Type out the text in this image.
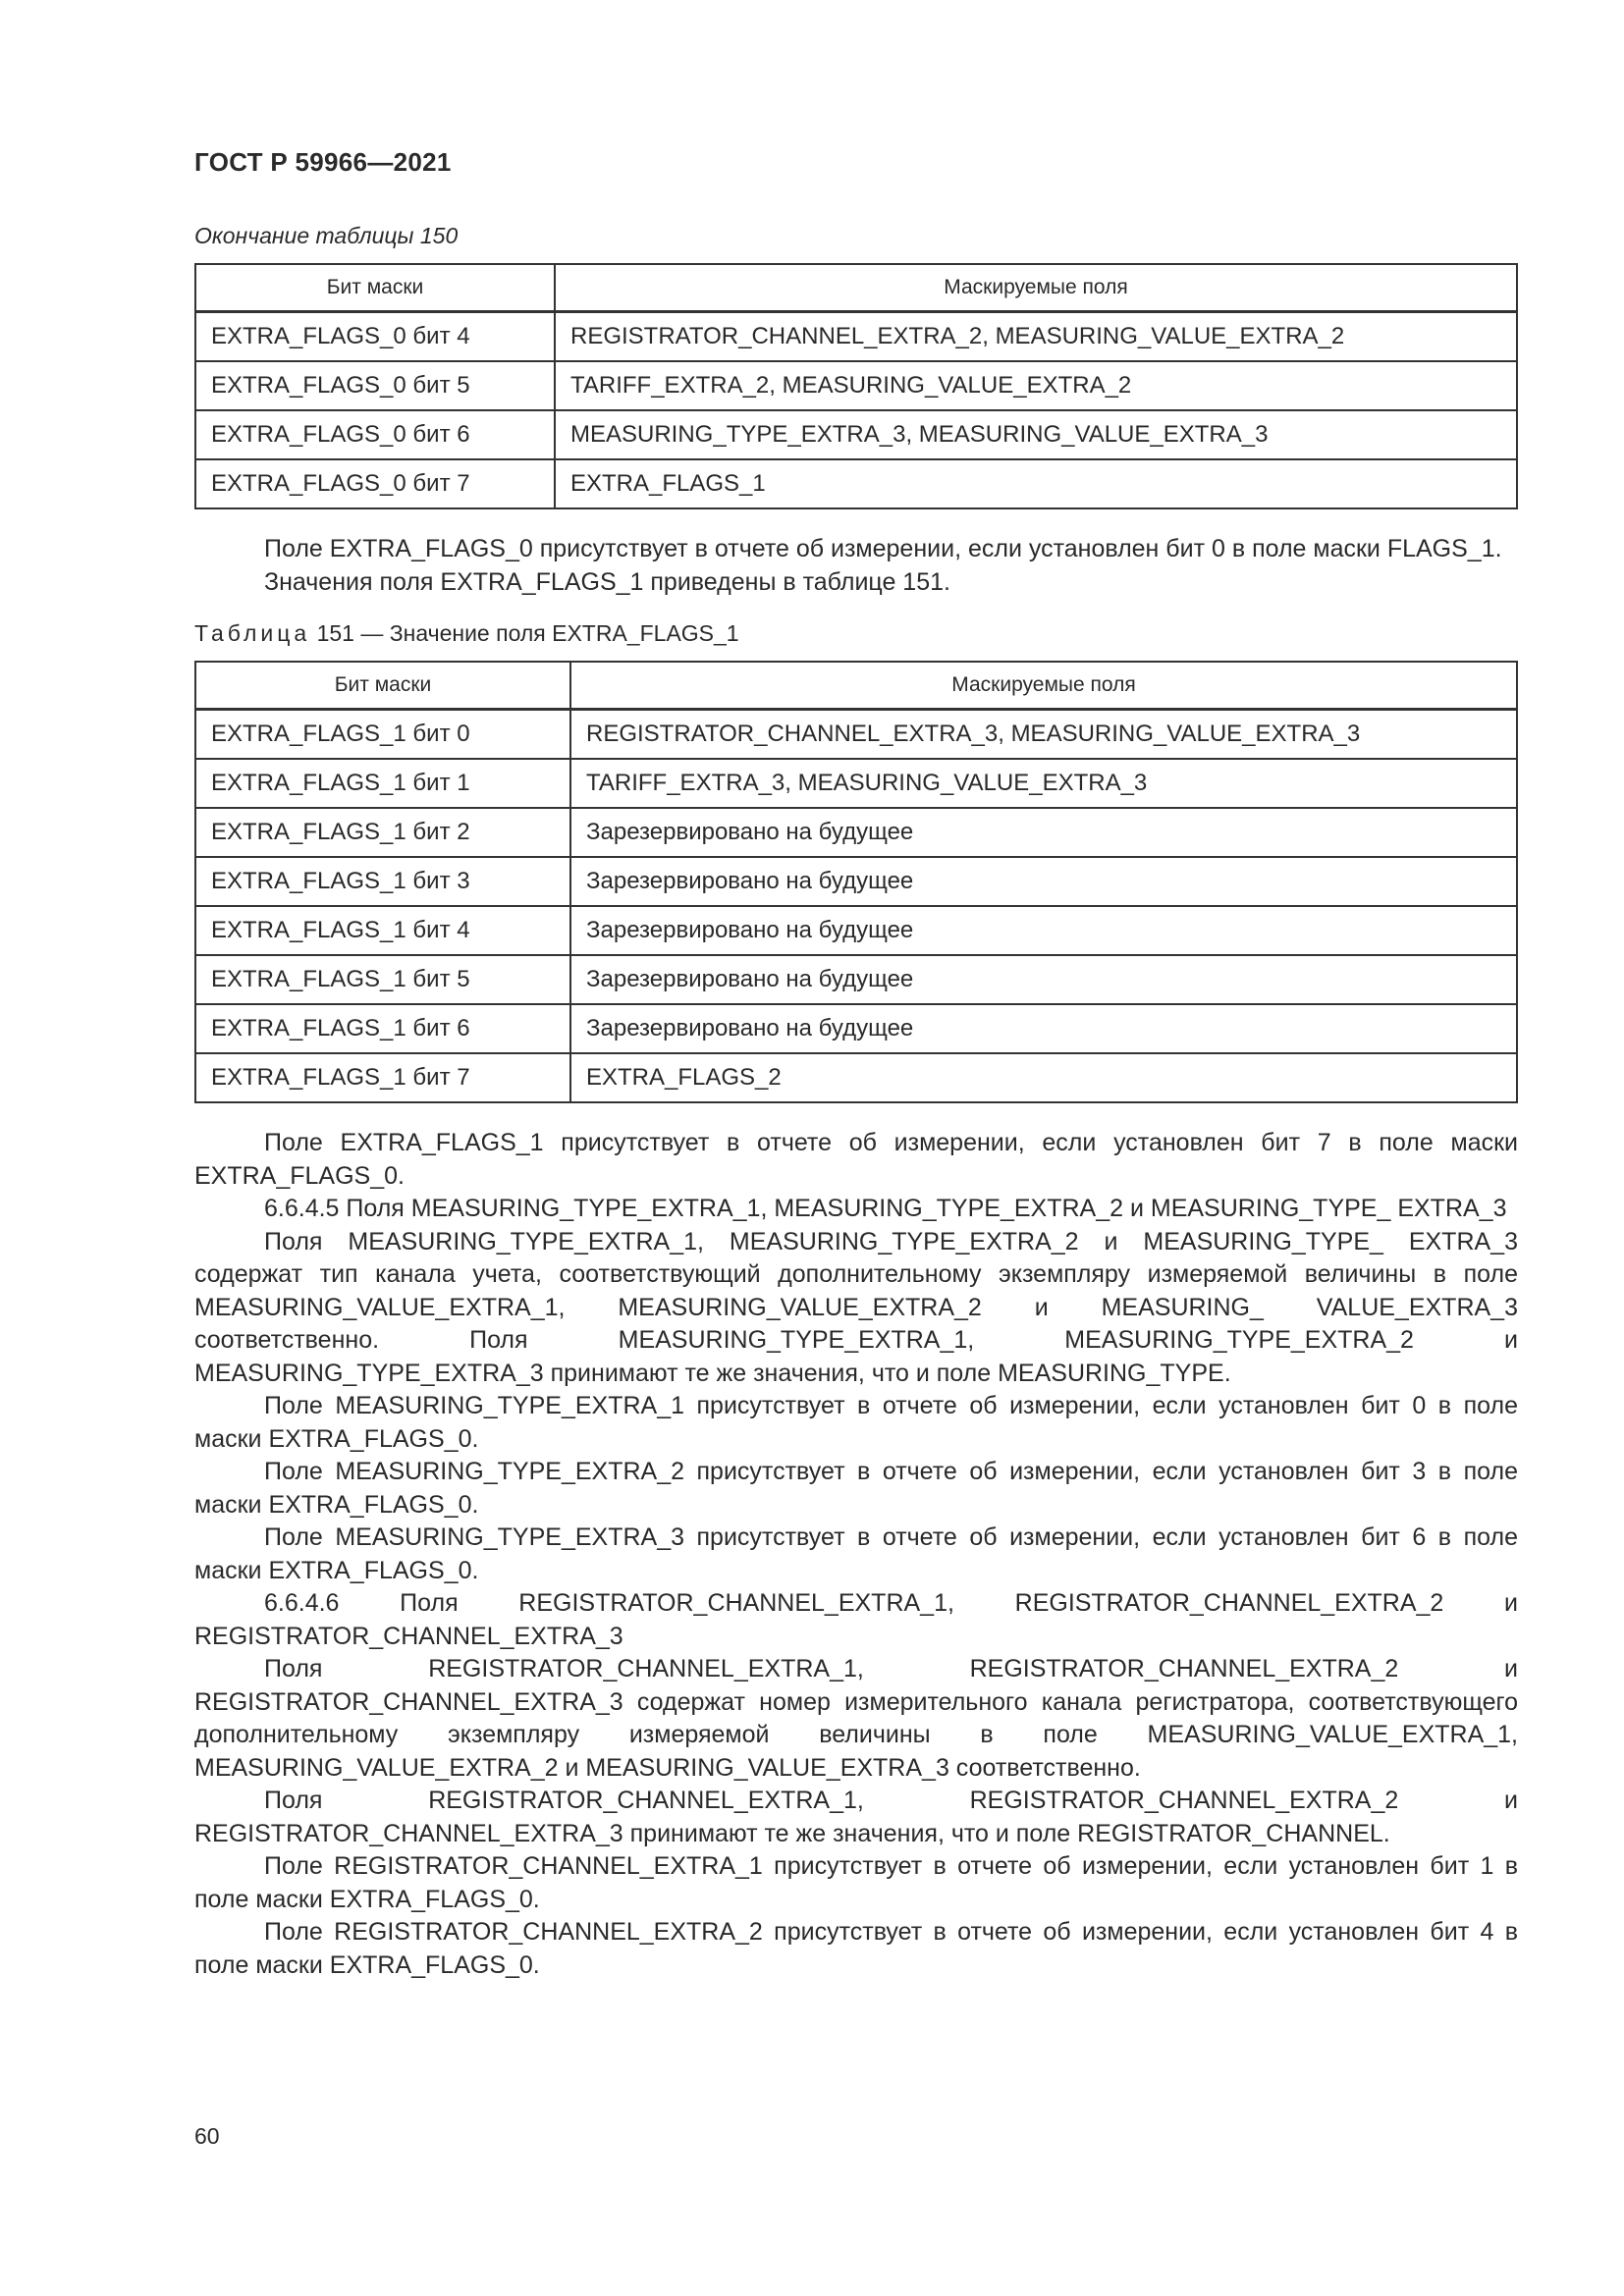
ГОСТ Р 59966—2021
Окончание таблицы 150
Бит маски	Маскируемые поля
EXTRA_FLAGS_0 бит 4	REGISTRATOR_CHANNEL_EXTRA_2, MEASURING_VALUE_EXTRA_2
EXTRA_FLAGS_0 бит 5	TARIFF_EXTRA_2, MEASURING_VALUE_EXTRA_2
EXTRA_FLAGS_0 бит 6	MEASURING_TYPE_EXTRA_3, MEASURING_VALUE_EXTRA_3
EXTRA_FLAGS_0 бит 7	EXTRA_FLAGS_1

Поле EXTRA_FLAGS_0 присутствует в отчете об измерении, если установлен бит 0 в поле маски FLAGS_1.

Значения поля EXTRA_FLAGS_1 приведены в таблице 151.

Таблица 151 — Значение поля EXTRA_FLAGS_1
Бит маски	Маскируемые поля
EXTRA_FLAGS_1 бит 0	REGISTRATOR_CHANNEL_EXTRA_3, MEASURING_VALUE_EXTRA_3
EXTRA_FLAGS_1 бит 1	TARIFF_EXTRA_3, MEASURING_VALUE_EXTRA_3
EXTRA_FLAGS_1 бит 2	Зарезервировано на будущее
EXTRA_FLAGS_1 бит 3	Зарезервировано на будущее
EXTRA_FLAGS_1 бит 4	Зарезервировано на будущее
EXTRA_FLAGS_1 бит 5	Зарезервировано на будущее
EXTRA_FLAGS_1 бит 6	Зарезервировано на будущее
EXTRA_FLAGS_1 бит 7	EXTRA_FLAGS_2

Поле EXTRA_FLAGS_1 присутствует в отчете об измерении, если установлен бит 7 в поле маски EXTRA_FLAGS_0.

6.6.4.5 Поля MEASURING_TYPE_EXTRA_1, MEASURING_TYPE_EXTRA_2 и MEASURING_TYPE_ EXTRA_3

Поля MEASURING_TYPE_EXTRA_1, MEASURING_TYPE_EXTRA_2 и MEASURING_TYPE_ EXTRA_3 содержат тип канала учета, соответствующий дополнительному экземпляру измеряемой величины в поле MEASURING_VALUE_EXTRA_1, MEASURING_VALUE_EXTRA_2 и MEASURING_ VALUE_EXTRA_3 соответственно. Поля MEASURING_TYPE_EXTRA_1, MEASURING_TYPE_EXTRA_2 и MEASURING_TYPE_EXTRA_3 принимают те же значения, что и поле MEASURING_TYPE.

Поле MEASURING_TYPE_EXTRA_1 присутствует в отчете об измерении, если установлен бит 0 в поле маски EXTRA_FLAGS_0.

Поле MEASURING_TYPE_EXTRA_2 присутствует в отчете об измерении, если установлен бит 3 в поле маски EXTRA_FLAGS_0.

Поле MEASURING_TYPE_EXTRA_3 присутствует в отчете об измерении, если установлен бит 6 в поле маски EXTRA_FLAGS_0.

6.6.4.6 Поля REGISTRATOR_CHANNEL_EXTRA_1, REGISTRATOR_CHANNEL_EXTRA_2 и REGISTRATOR_CHANNEL_EXTRA_3

Поля REGISTRATOR_CHANNEL_EXTRA_1, REGISTRATOR_CHANNEL_EXTRA_2 и REGISTRATOR_CHANNEL_EXTRA_3 содержат номер измерительного канала регистратора, соответствующего дополнительному экземпляру измеряемой величины в поле MEASURING_VALUE_EXTRA_1, MEASURING_VALUE_EXTRA_2 и MEASURING_VALUE_EXTRA_3 соответственно.

Поля REGISTRATOR_CHANNEL_EXTRA_1, REGISTRATOR_CHANNEL_EXTRA_2 и REGISTRATOR_CHANNEL_EXTRA_3 принимают те же значения, что и поле REGISTRATOR_CHANNEL.

Поле REGISTRATOR_CHANNEL_EXTRA_1 присутствует в отчете об измерении, если установлен бит 1 в поле маски EXTRA_FLAGS_0.

Поле REGISTRATOR_CHANNEL_EXTRA_2 присутствует в отчете об измерении, если установлен бит 4 в поле маски EXTRA_FLAGS_0.

60
